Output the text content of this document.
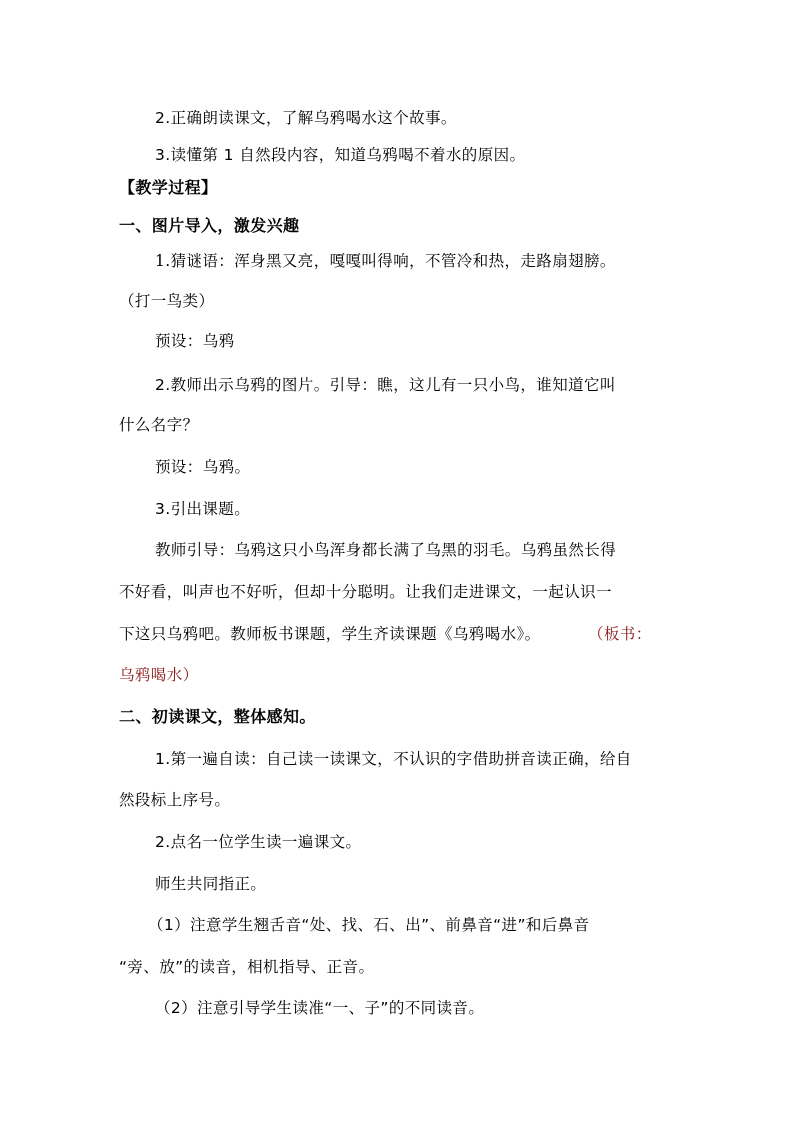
2.正确朗读课文，了解乌鸦喝水这个故事。
3.读懂第 1 自然段内容，知道乌鸦喝不着水的原因。
【教学过程】
一、图片导入，激发兴趣
1.猜谜语：浑身黑又亮，嘎嘎叫得响，不管冷和热，走路扇翅膀。
（打一鸟类）
预设：乌鸦
2.教师出示乌鸦的图片。引导：瞧，这儿有一只小鸟，谁知道它叫
什么名字？
预设：乌鸦。
3.引出课题。
教师引导：乌鸦这只小鸟浑身都长满了乌黑的羽毛。乌鸦虽然长得
不好看，叫声也不好听，但却十分聪明。让我们走进课文，一起认识一
下这只乌鸦吧。教师板书课题，学生齐读课题《乌鸦喝水》。	（板书：
乌鸦喝水）
二、初读课文，整体感知。
1.第一遍自读：自己读一读课文，不认识的字借助拼音读正确，给自
然段标上序号。
2.点名一位学生读一遍课文。
师生共同指正。
（1）注意学生翘舌音“处、找、石、出”、前鼻音“进”和后鼻音
“旁、放”的读音，相机指导、正音。
（2）注意引导学生读准“一、子”的不同读音。
